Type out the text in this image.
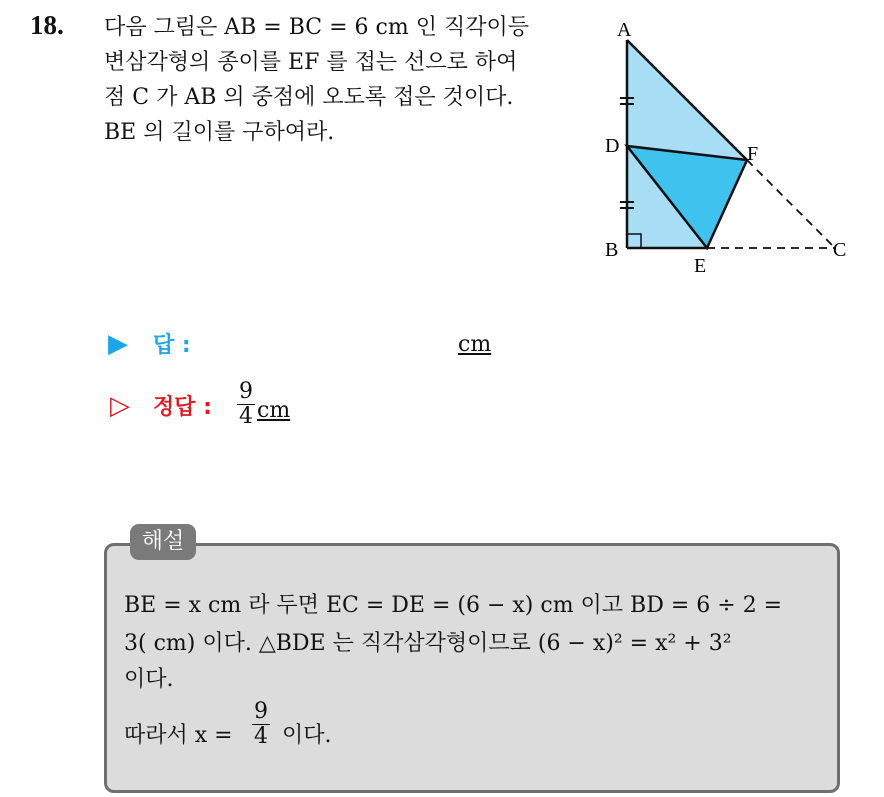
18. 다음 그림은 AB = BC = 6 cm 인 직각이등
변삼각형의 종이를 EF 를 접는 선으로 하여
점 C 가 AB 의 중점에 오도록 접은 것이다.
BE 의 길이를 구하여라.
A
D	F
B
E
C
▶ 답 :	cm
▷ 정답 : $\frac{9}{4}$ cm
해설
BE = x cm 라 두면 EC = DE = (6 − x) cm 이고 BD = 6 ÷ 2 =
3( cm) 이다. △BDE 는 직각삼각형이므로 (6 − x)² = x² + 3²
이다.
따라서 $x = \frac{9}{4}$ 이다.
